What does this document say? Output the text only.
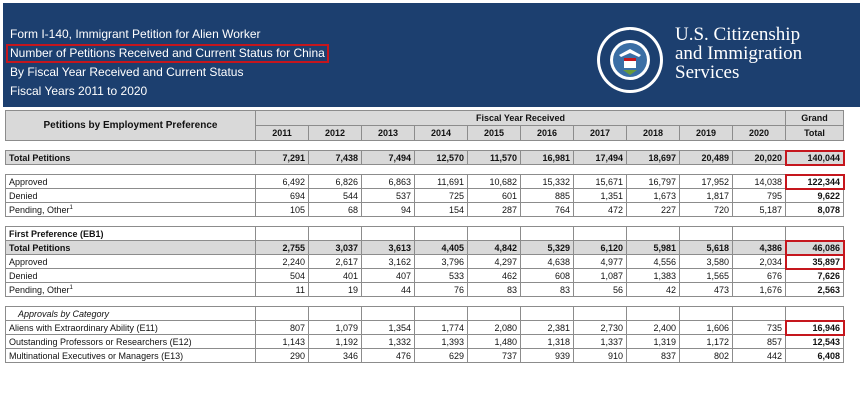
Form I-140, Immigrant Petition for Alien Worker
Number of Petitions Received and Current Status for China
By Fiscal Year Received and Current Status
Fiscal Years 2011 to 2020
U.S. Citizenship
and Immigration
Services
Petitions by Employment Preference	Fiscal Year Received										Grand
	2011	2012	2013	2014	2015	2016	2017	2018	2019	2020	Total

Total Petitions	7,291	7,438	7,494	12,570	11,570	16,981	17,494	18,697	20,489	20,020	140,044

Approved	6,492	6,826	6,863	11,691	10,682	15,332	15,671	16,797	17,952	14,038	122,344
Denied	694	544	537	725	601	885	1,351	1,673	1,817	795	9,622
Pending, Other$^1$	105	68	94	154	287	764	472	227	720	5,187	8,078

First Preference (EB1)											
Total Petitions	2,755	3,037	3,613	4,405	4,842	5,329	6,120	5,981	5,618	4,386	46,086
Approved	2,240	2,617	3,162	3,796	4,297	4,638	4,977	4,556	3,580	2,034	35,897
Denied	504	401	407	533	462	608	1,087	1,383	1,565	676	7,626
Pending, Other$^1$	11	19	44	76	83	83	56	42	473	1,676	2,563

Approvals by Category											
Aliens with Extraordinary Ability (E11)	807	1,079	1,354	1,774	2,080	2,381	2,730	2,400	1,606	735	16,946
Outstanding Professors or Researchers (E12)	1,143	1,192	1,332	1,393	1,480	1,318	1,337	1,319	1,172	857	12,543
Multinational Executives or Managers (E13)	290	346	476	629	737	939	910	837	802	442	6,408
